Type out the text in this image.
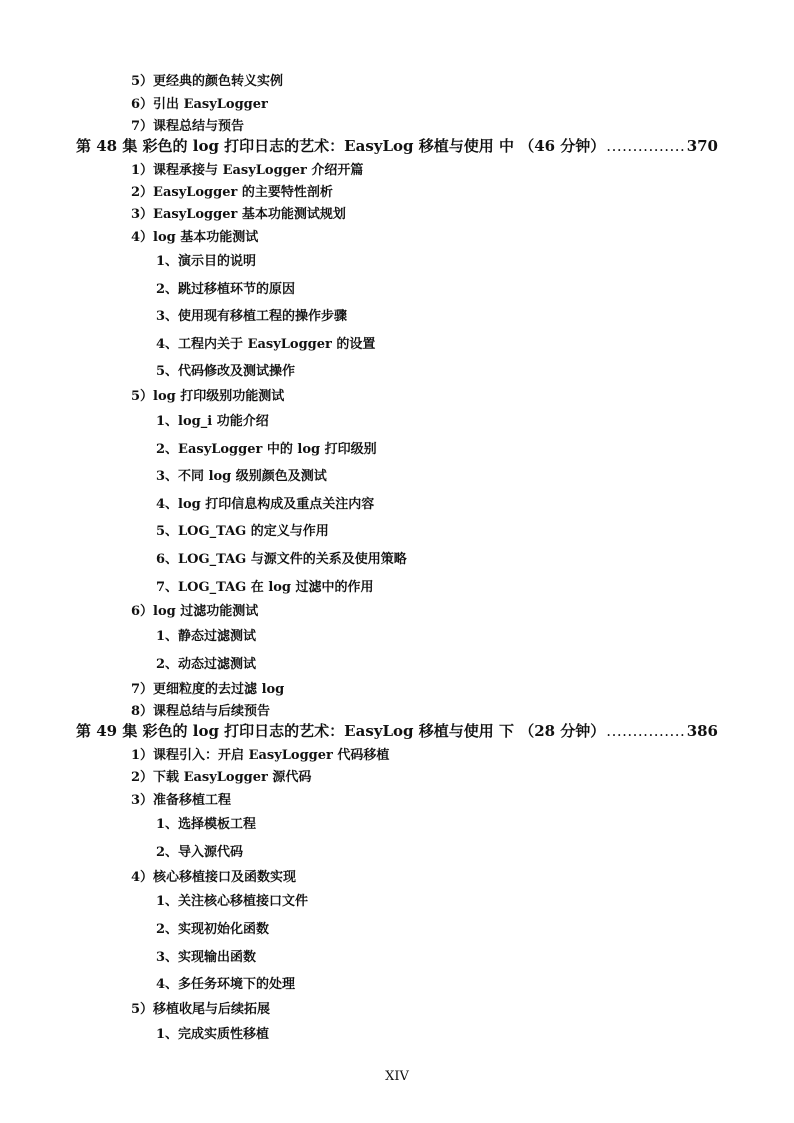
5）更经典的颜色转义实例
6）引出 EasyLogger
7）课程总结与预告
第 48 集 彩色的 log 打印日志的艺术：EasyLog 移植与使用 中 （46 分钟） .....	370
1）课程承接与 EasyLogger 介绍开篇
2）EasyLogger 的主要特性剖析
3）EasyLogger 基本功能测试规划
4）log 基本功能测试
1、演示目的说明
2、跳过移植环节的原因
3、使用现有移植工程的操作步骤
4、工程内关于 EasyLogger 的设置
5、代码修改及测试操作
5）log 打印级别功能测试
1、log_i 功能介绍
2、EasyLogger 中的 log 打印级别
3、不同 log 级别颜色及测试
4、log 打印信息构成及重点关注内容
5、LOG_TAG 的定义与作用
6、LOG_TAG 与源文件的关系及使用策略
7、LOG_TAG 在 log 过滤中的作用
6）log 过滤功能测试
1、静态过滤测试
2、动态过滤测试
7）更细粒度的去过滤 log
8）课程总结与后续预告
第 49 集 彩色的 log 打印日志的艺术：EasyLog 移植与使用 下 （28 分钟） .....	386
1）课程引入：开启 EasyLogger 代码移植
2）下载 EasyLogger 源代码
3）准备移植工程
1、选择模板工程
2、导入源代码
4）核心移植接口及函数实现
1、关注核心移植接口文件
2、实现初始化函数
3、实现输出函数
4、多任务环境下的处理
5）移植收尾与后续拓展
1、完成实质性移植
XIV
